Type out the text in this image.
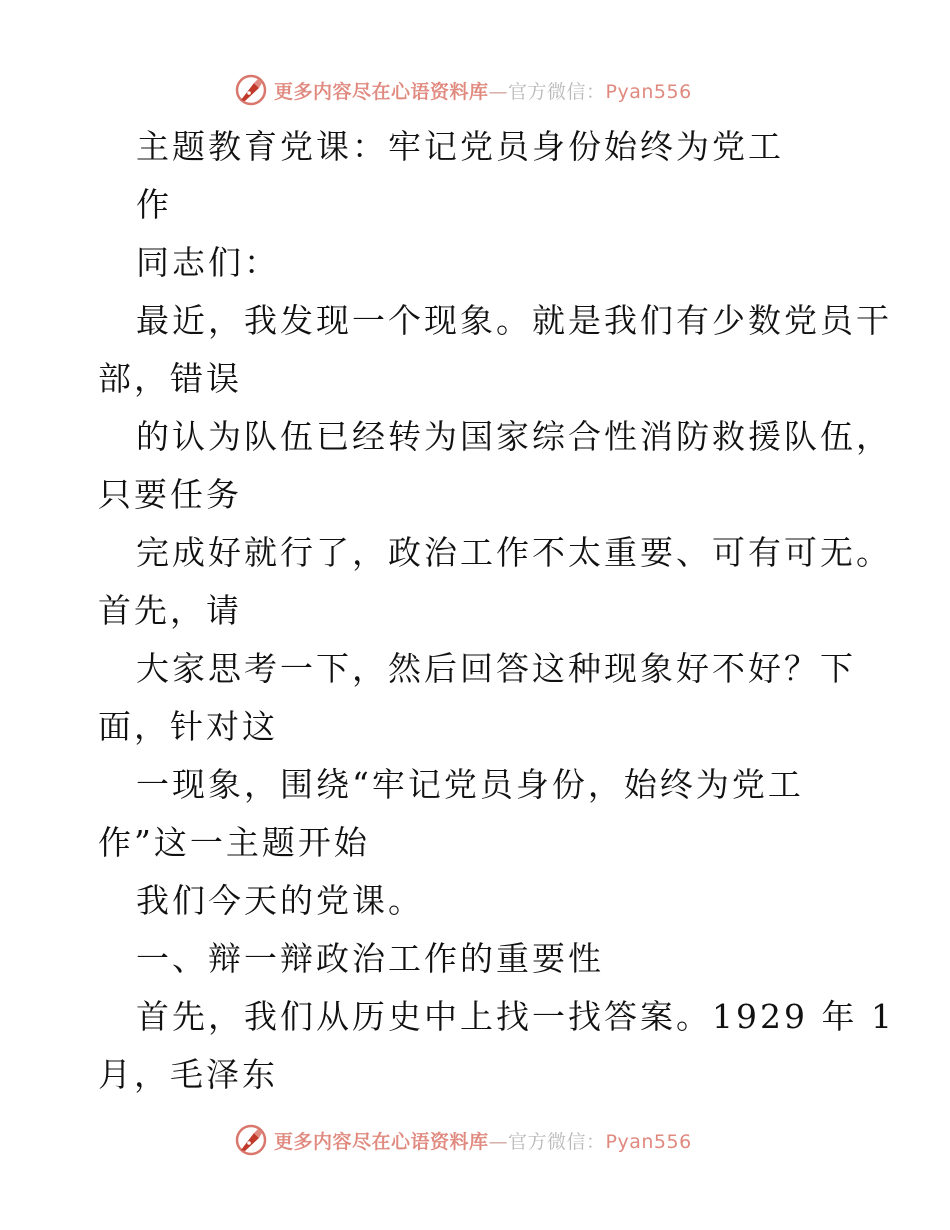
更多内容尽在心语资料库—官方微信：Pyan556
主题教育党课：牢记党员身份始终为党工
作
同志们：
最近，我发现一个现象。就是我们有少数党员干
部，错误
的认为队伍已经转为国家综合性消防救援队伍，
只要任务
完成好就行了，政治工作不太重要、可有可无。
首先，请
大家思考一下，然后回答这种现象好不好？下
面，针对这
一现象，围绕“牢记党员身份，始终为党工
作”这一主题开始
我们今天的党课。
一、辩一辩政治工作的重要性
首先，我们从历史中上找一找答案。1929 年 1
月，毛泽东
更多内容尽在心语资料库—官方微信：Pyan556
